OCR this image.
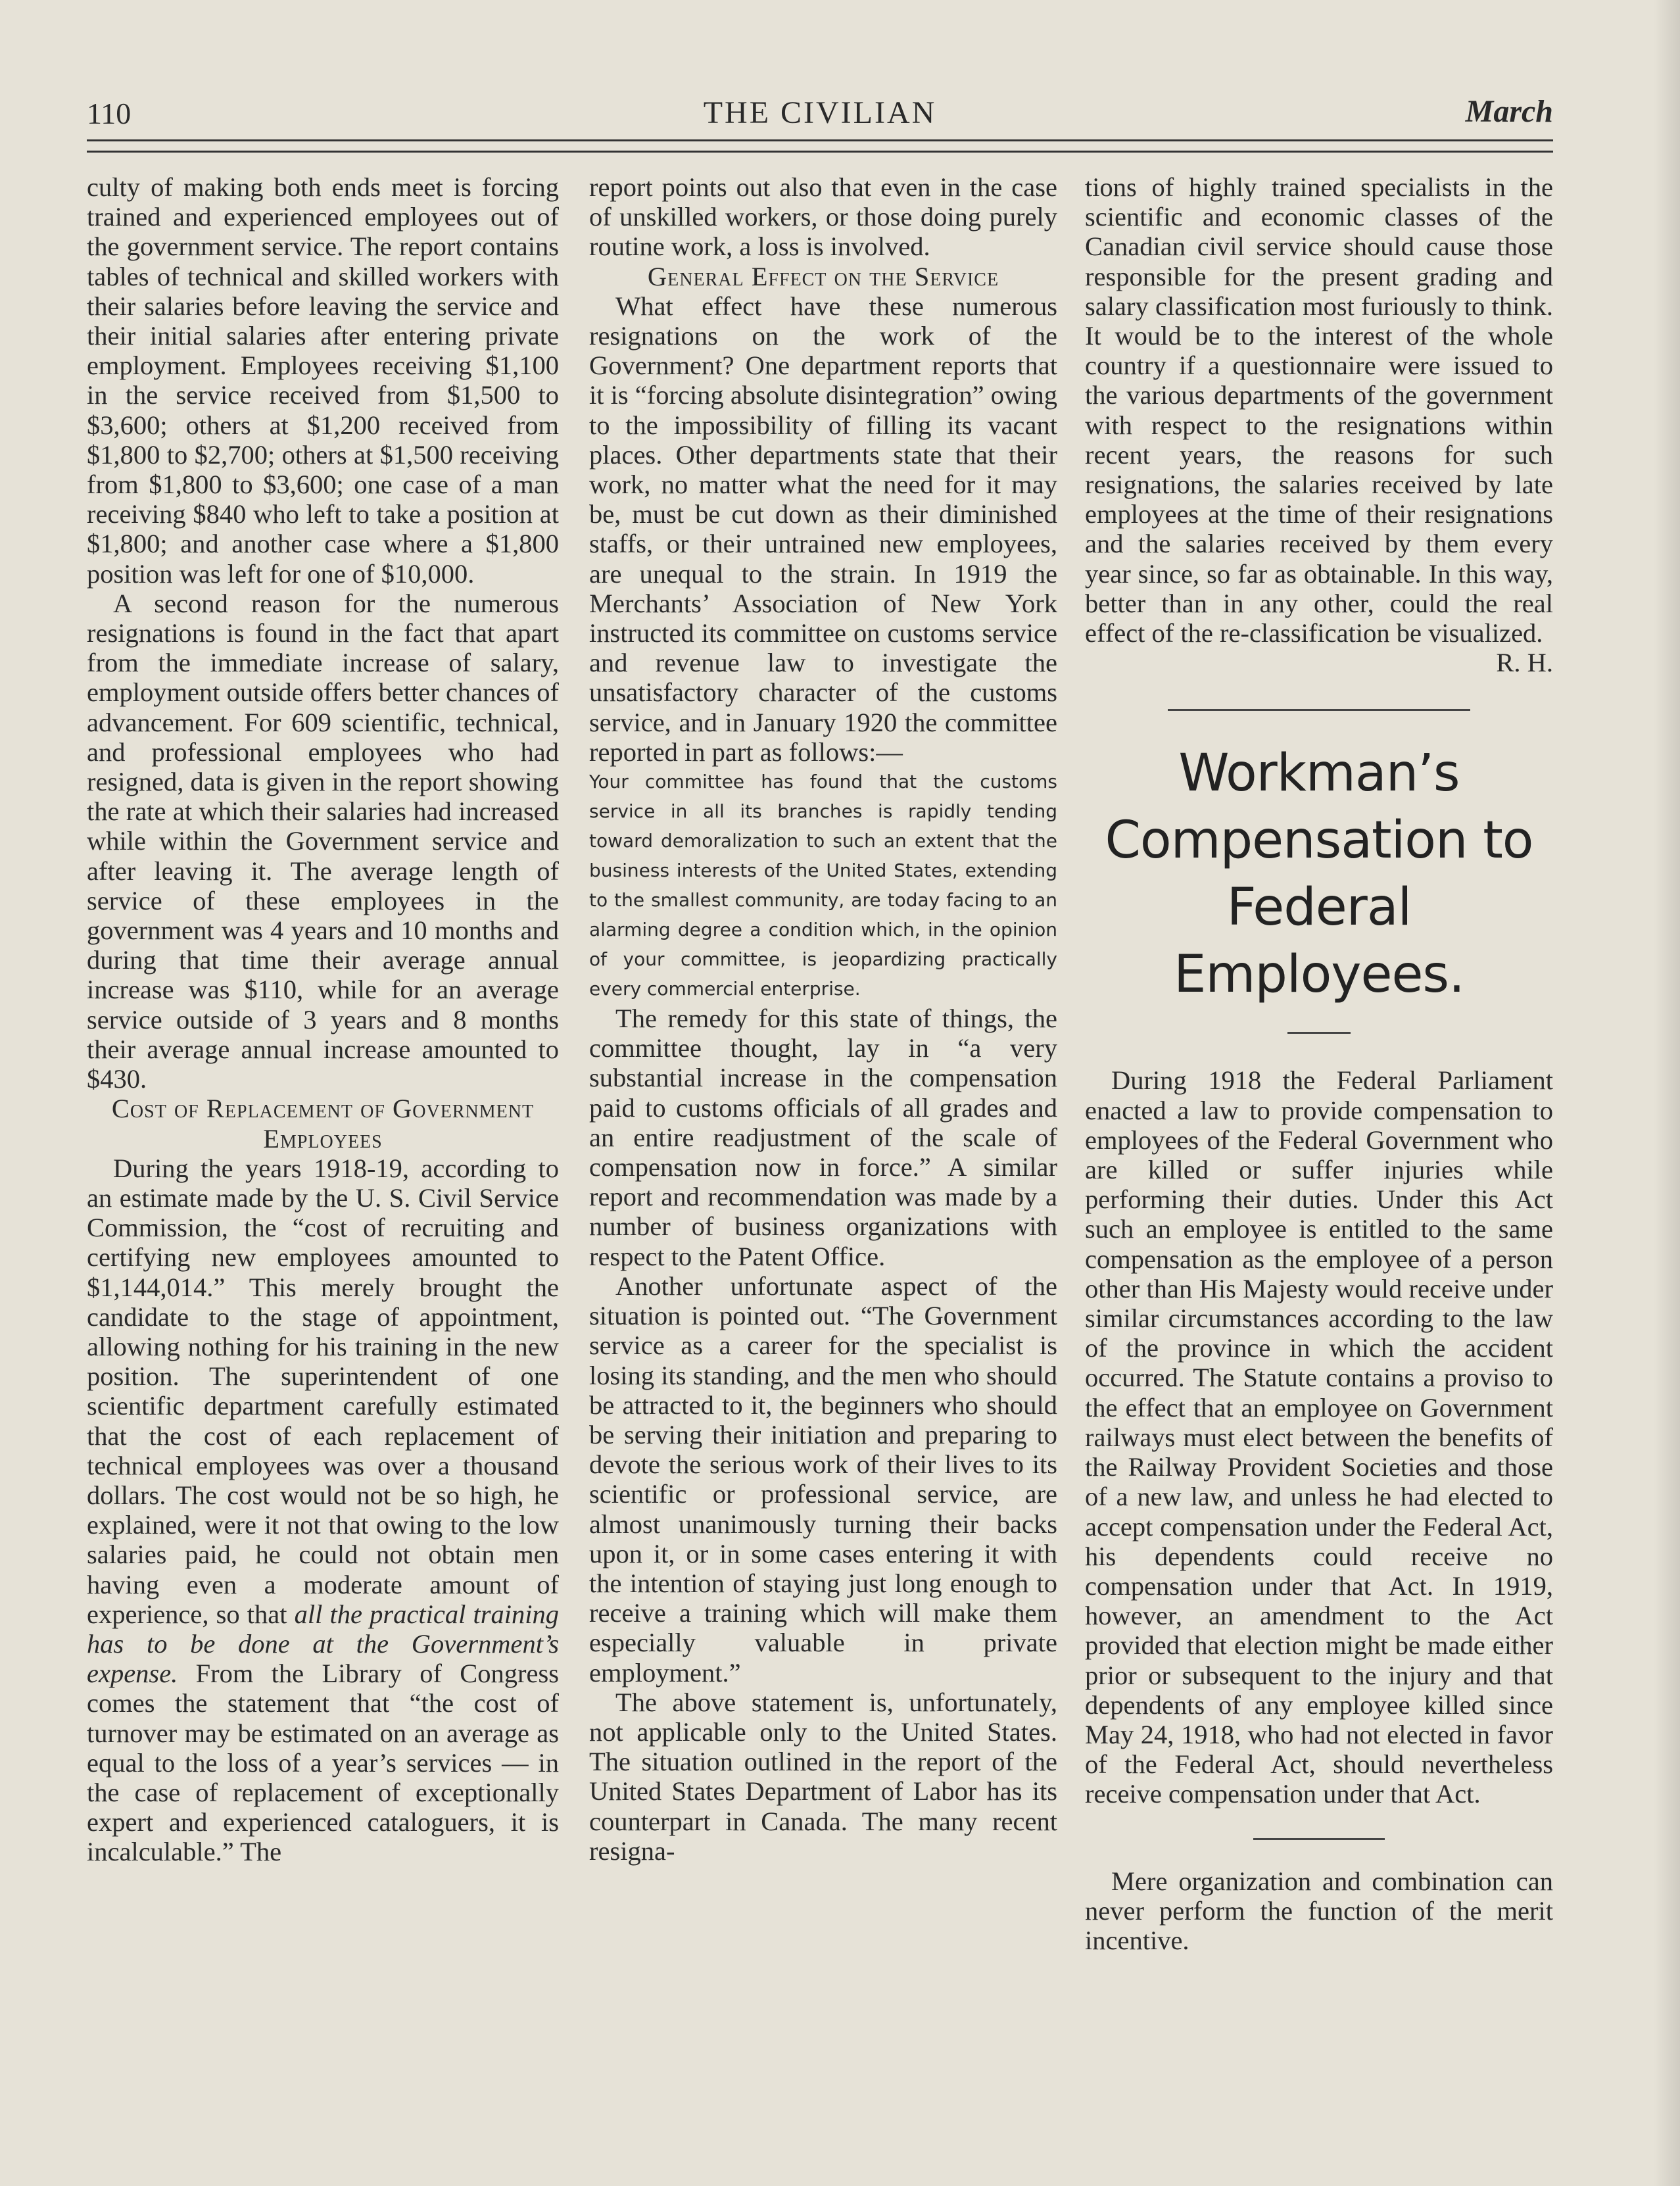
110	THE CIVILIAN	March

culty of making both ends meet is forcing trained and experienced employees out of the government service. The report contains tables of technical and skilled workers with their salaries before leaving the service and their initial salaries after entering private employment. Employees receiving $1,100 in the service received from $1,500 to $3,600; others at $1,200 received from $1,800 to $2,700; others at $1,500 receiving from $1,800 to $3,600; one case of a man receiving $840 who left to take a position at $1,800; and another case where a $1,800 position was left for one of $10,000.

A second reason for the numerous resignations is found in the fact that apart from the immediate increase of salary, employment outside offers better chances of advancement. For 609 scientific, technical, and professional employees who had resigned, data is given in the report showing the rate at which their salaries had increased while within the Government service and after leaving it. The average length of service of these employees in the government was 4 years and 10 months and during that time their average annual increase was $110, while for an average service outside of 3 years and 8 months their average annual increase amounted to $430.

Cost of Replacement of Government Employees

During the years 1918-19, according to an estimate made by the U. S. Civil Service Commission, the “cost of recruiting and certifying new employees amounted to $1,144,014.” This merely brought the candidate to the stage of appointment, allowing nothing for his training in the new position. The superintendent of one scientific department carefully estimated that the cost of each replacement of technical employees was over a thousand dollars. The cost would not be so high, he explained, were it not that owing to the low salaries paid, he could not obtain men having even a moderate amount of experience, so that all the practical training has to be done at the Government’s expense. From the Library of Congress comes the statement that “the cost of turnover may be estimated on an average as equal to the loss of a year’s services — in the case of replacement of exceptionally expert and experienced cataloguers, it is incalculable.” The

report points out also that even in the case of unskilled workers, or those doing purely routine work, a loss is involved.

General Effect on the Service

What effect have these numerous resignations on the work of the Government? One department reports that it is “forcing absolute disintegration” owing to the impossibility of filling its vacant places. Other departments state that their work, no matter what the need for it may be, must be cut down as their diminished staffs, or their untrained new employees, are unequal to the strain. In 1919 the Merchants’ Association of New York instructed its committee on customs service and revenue law to investigate the unsatisfactory character of the customs service, and in January 1920 the committee reported in part as follows:—

Your committee has found that the customs service in all its branches is rapidly tending toward demoralization to such an extent that the business interests of the United States, extending to the smallest community, are today facing to an alarming degree a condition which, in the opinion of your committee, is jeopardizing practically every commercial enterprise.

The remedy for this state of things, the committee thought, lay in “a very substantial increase in the compensation paid to customs officials of all grades and an entire readjustment of the scale of compensation now in force.” A similar report and recommendation was made by a number of business organizations with respect to the Patent Office.

Another unfortunate aspect of the situation is pointed out. “The Government service as a career for the specialist is losing its standing, and the men who should be attracted to it, the beginners who should be serving their initiation and preparing to devote the serious work of their lives to its scientific or professional service, are almost unanimously turning their backs upon it, or in some cases entering it with the intention of staying just long enough to receive a training which will make them especially valuable in private employment.”

The above statement is, unfortunately, not applicable only to the United States. The situation outlined in the report of the United States Department of Labor has its counterpart in Canada. The many recent resigna-

tions of highly trained specialists in the scientific and economic classes of the Canadian civil service should cause those responsible for the present grading and salary classification most furiously to think. It would be to the interest of the whole country if a questionnaire were issued to the various departments of the government with respect to the resignations within recent years, the reasons for such resignations, the salaries received by late employees at the time of their resignations and the salaries received by them every year since, so far as obtainable. In this way, better than in any other, could the real effect of the re-classification be visualized.

R. H.

Workman’s Compensation to Federal Employees.

During 1918 the Federal Parliament enacted a law to provide compensation to employees of the Federal Government who are killed or suffer injuries while performing their duties. Under this Act such an employee is entitled to the same compensation as the employee of a person other than His Majesty would receive under similar circumstances according to the law of the province in which the accident occurred. The Statute contains a proviso to the effect that an employee on Government railways must elect between the benefits of the Railway Provident Societies and those of a new law, and unless he had elected to accept compensation under the Federal Act, his dependents could receive no compensation under that Act. In 1919, however, an amendment to the Act provided that election might be made either prior or subsequent to the injury and that dependents of any employee killed since May 24, 1918, who had not elected in favor of the Federal Act, should nevertheless receive compensation under that Act.

Mere organization and combination can never perform the function of the merit incentive.
